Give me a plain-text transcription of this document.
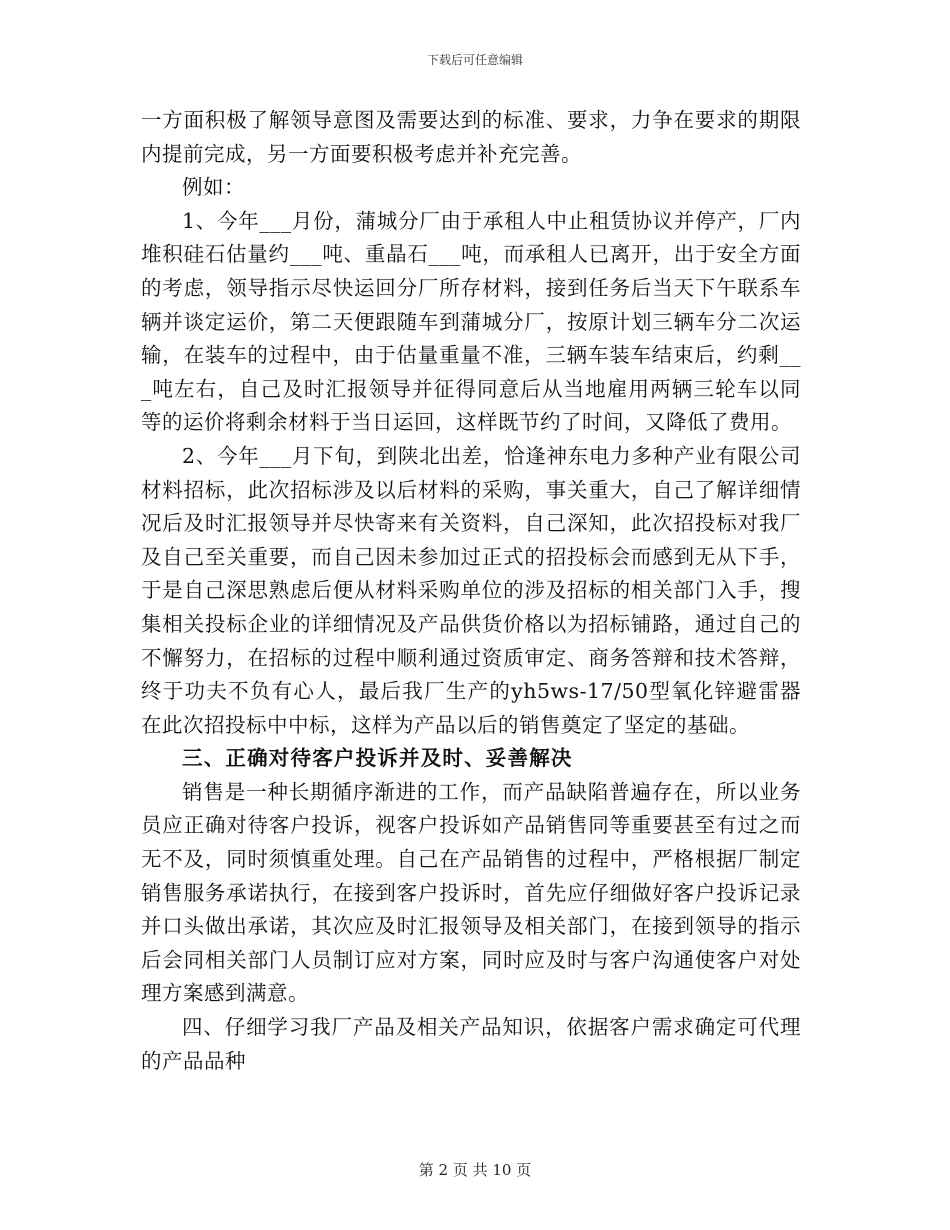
下载后可任意编辑

一方面积极了解领导意图及需要达到的标准、要求，力争在要求的期限内提前完成，另一方面要积极考虑并补充完善。

例如：

1、今年___月份，蒲城分厂由于承租人中止租赁协议并停产，厂内堆积硅石估量约___吨、重晶石___吨，而承租人已离开，出于安全方面的考虑，领导指示尽快运回分厂所存材料，接到任务后当天下午联系车辆并谈定运价，第二天便跟随车到蒲城分厂，按原计划三辆车分二次运输，在装车的过程中，由于估量重量不准，三辆车装车结束后，约剩___吨左右，自己及时汇报领导并征得同意后从当地雇用两辆三轮车以同等的运价将剩余材料于当日运回，这样既节约了时间，又降低了费用。

2、今年___月下旬，到陕北出差，恰逢神东电力多种产业有限公司材料招标，此次招标涉及以后材料的采购，事关重大，自己了解详细情况后及时汇报领导并尽快寄来有关资料，自己深知，此次招投标对我厂及自己至关重要，而自己因未参加过正式的招投标会而感到无从下手，于是自己深思熟虑后便从材料采购单位的涉及招标的相关部门入手，搜集相关投标企业的详细情况及产品供货价格以为招标铺路，通过自己的不懈努力，在招标的过程中顺利通过资质审定、商务答辩和技术答辩，终于功夫不负有心人，最后我厂生产的yh5ws-17/50型氧化锌避雷器在此次招投标中中标，这样为产品以后的销售奠定了坚定的基础。

三、正确对待客户投诉并及时、妥善解决

销售是一种长期循序渐进的工作，而产品缺陷普遍存在，所以业务员应正确对待客户投诉，视客户投诉如产品销售同等重要甚至有过之而无不及，同时须慎重处理。自己在产品销售的过程中，严格根据厂制定销售服务承诺执行，在接到客户投诉时，首先应仔细做好客户投诉记录并口头做出承诺，其次应及时汇报领导及相关部门，在接到领导的指示后会同相关部门人员制订应对方案，同时应及时与客户沟通使客户对处理方案感到满意。

四、仔细学习我厂产品及相关产品知识，依据客户需求确定可代理的产品品种

第 2 页 共 10 页
